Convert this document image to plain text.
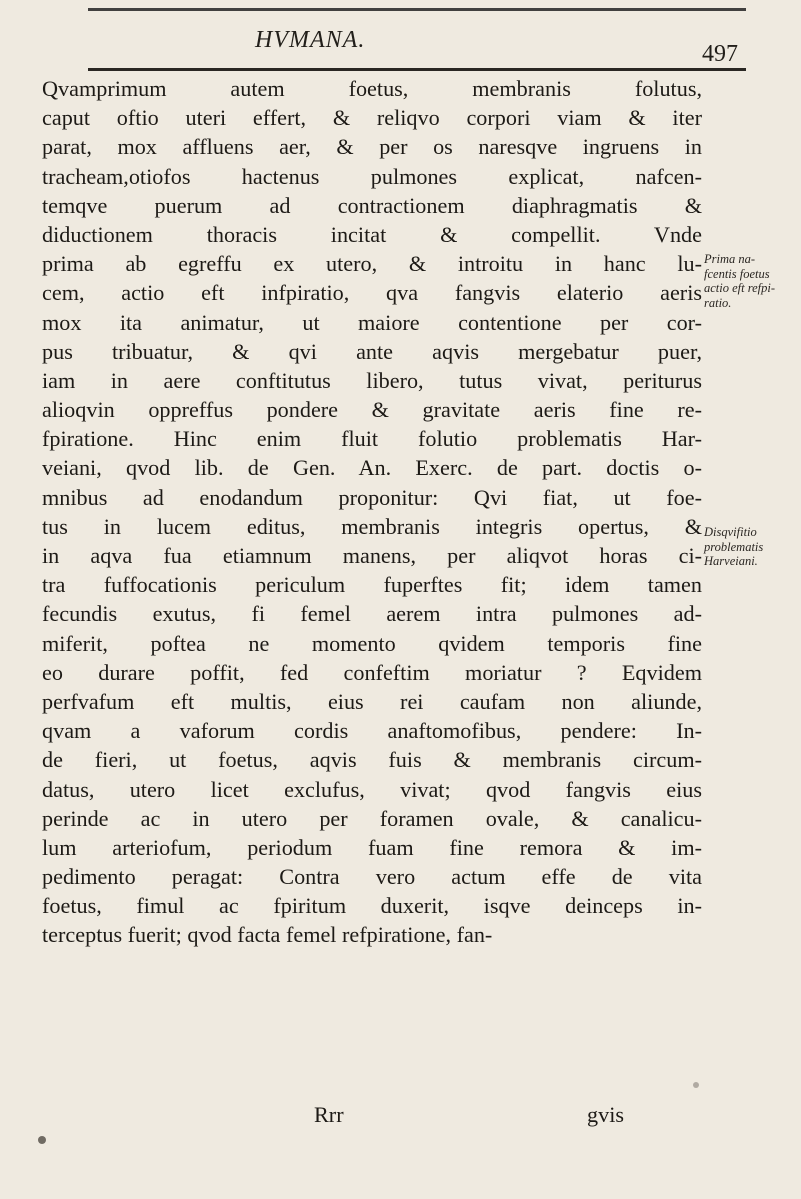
HVMANA.
497
Qvamprimum autem foetus, membranis folutus,
caput oftio uteri effert, & reliqvo corpori viam & iter
parat, mox affluens aer, & per os naresqve ingruens in
tracheam,otiofos hactenus pulmones explicat, nafcen-
temqve puerum ad contractionem diaphragmatis &
diductionem thoracis incitat & compellit. Vnde
prima ab egreffu ex utero, & introitu in hanc lu-
cem, actio eft infpiratio, qva fangvis elaterio aeris
mox ita animatur, ut maiore contentione per cor-
pus tribuatur, & qvi ante aqvis mergebatur puer,
iam in aere conftitutus libero, tutus vivat, periturus
alioqvin oppreffus pondere & gravitate aeris fine re-
fpiratione. Hinc enim fluit folutio problematis Har-
veiani, qvod lib. de Gen. An. Exerc. de part. doctis o-
mnibus ad enodandum proponitur: Qvi fiat, ut foe-
tus in lucem editus, membranis integris opertus, &
in aqva fua etiamnum manens, per aliqvot horas ci-
tra fuffocationis periculum fuperftes fit; idem tamen
fecundis exutus, fi femel aerem intra pulmones ad-
miferit, poftea ne momento qvidem temporis fine
eo durare poffit, fed confeftim moriatur ? Eqvidem
perfvafum eft multis, eius rei caufam non aliunde,
qvam a vaforum cordis anaftomofibus, pendere: In-
de fieri, ut foetus, aqvis fuis & membranis circum-
datus, utero licet exclufus, vivat; qvod fangvis eius
perinde ac in utero per foramen ovale, & canalicu-
lum arteriofum, periodum fuam fine remora & im-
pedimento peragat: Contra vero actum effe de vita
foetus, fimul ac fpiritum duxerit, isqve deinceps in-
terceptus fuerit; qvod facta femel refpiratione, fan-
Prima na-
fcentis foetus
actio eft refpi-
ratio.
Disqvifitio
problematis
Harveiani.
Rrr	gvis
